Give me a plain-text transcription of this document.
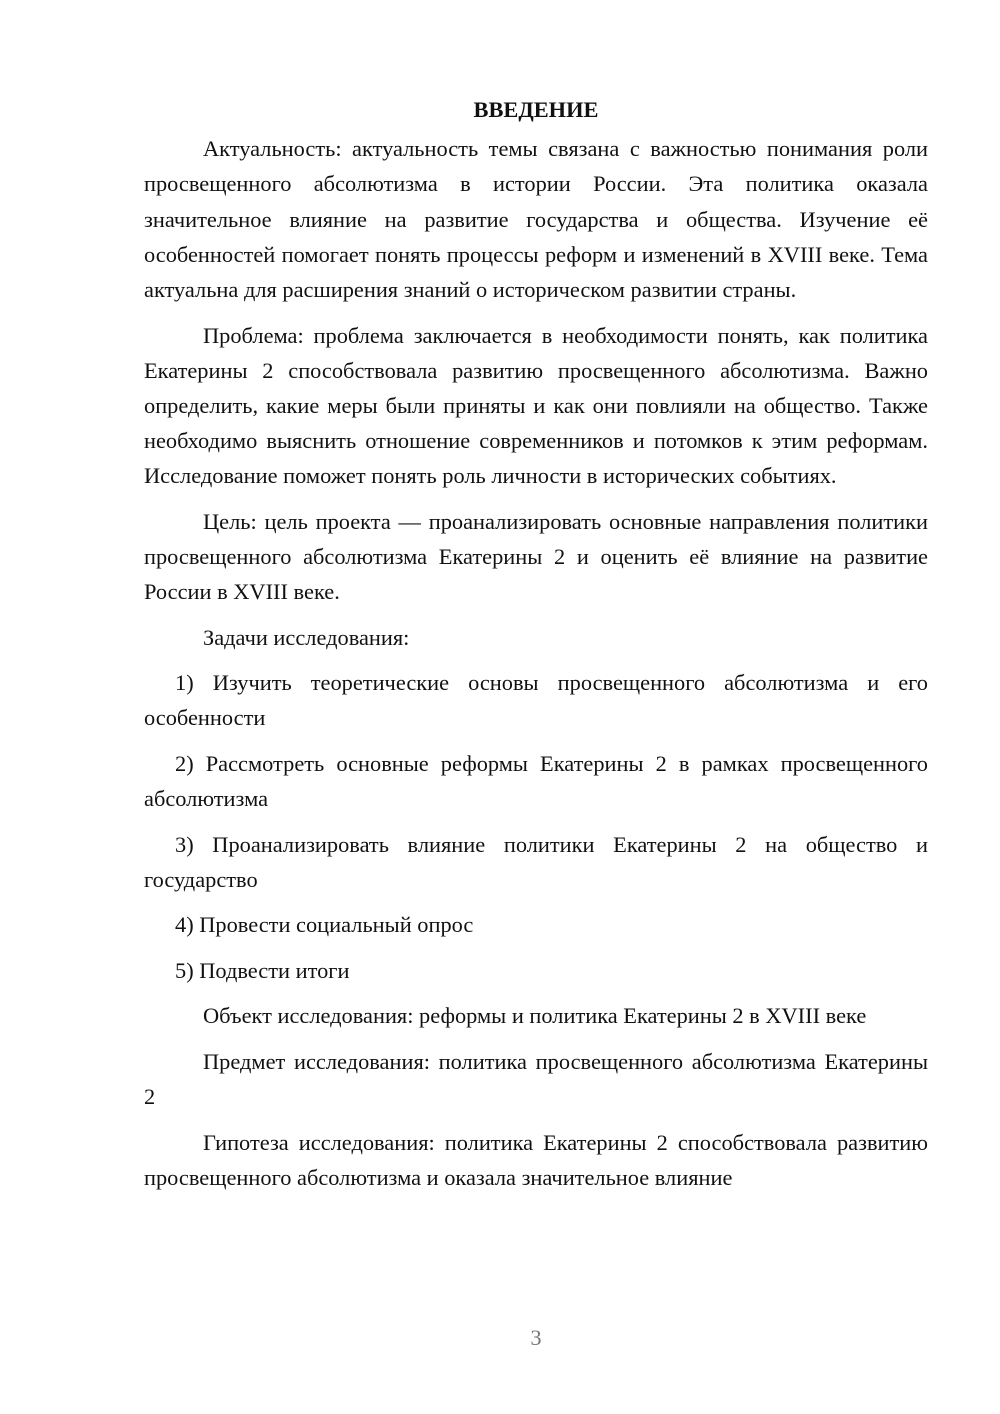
ВВЕДЕНИЕ

Актуальность: актуальность темы связана с важностью понимания роли просвещенного абсолютизма в истории России. Эта политика оказала значительное влияние на развитие государства и общества. Изучение её особенностей помогает понять процессы реформ и изменений в XVIII веке. Тема актуальна для расширения знаний о историческом развитии страны.

Проблема: проблема заключается в необходимости понять, как политика Екатерины 2 способствовала развитию просвещенного абсолютизма. Важно определить, какие меры были приняты и как они повлияли на общество. Также необходимо выяснить отношение современников и потомков к этим реформам. Исследование поможет понять роль личности в исторических событиях.

Цель: цель проекта — проанализировать основные направления политики просвещенного абсолютизма Екатерины 2 и оценить её влияние на развитие России в XVIII веке.

Задачи исследования:

1) Изучить теоретические основы просвещенного абсолютизма и его особенности

2) Рассмотреть основные реформы Екатерины 2 в рамках просвещенного абсолютизма

3) Проанализировать влияние политики Екатерины 2 на общество и государство

4) Провести социальный опрос

5) Подвести итоги

Объект исследования: реформы и политика Екатерины 2 в XVIII веке

Предмет исследования: политика просвещенного абсолютизма Екатерины 2

Гипотеза исследования: политика Екатерины 2 способствовала развитию просвещенного абсолютизма и оказала значительное влияние

3
